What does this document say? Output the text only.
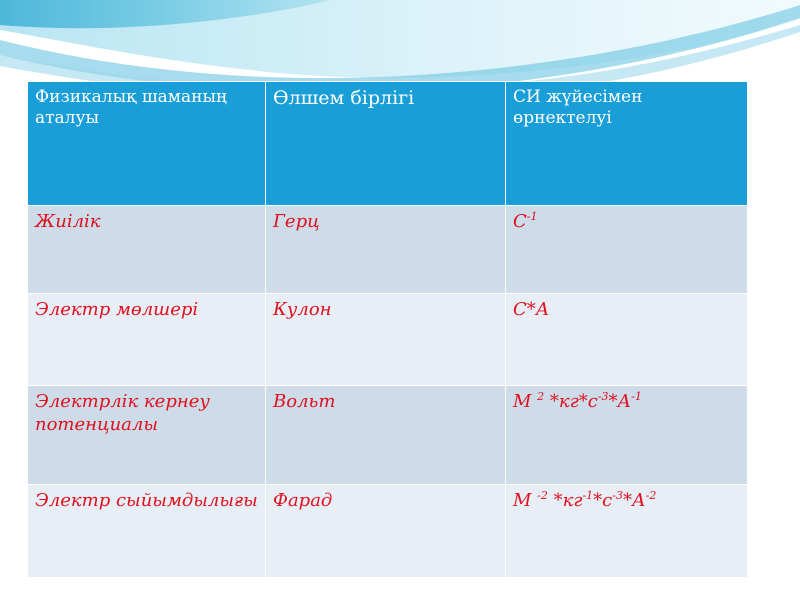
Физикалық шаманың аталуы	Өлшем бірлігі	СИ жүйесімен өрнектелуі
Жиілік	Герц	$С^{-1}$
Электр мөлшері	Кулон	С*А
Электрлік кернеу потенциалы	Вольт	М $^2$ $*кг*с^{-3}*А^{-1}$
Электр сыйымдылығы	Фарад	М $^{-2}$ $*кг^{-1}*с^{-3}*А^{-2}$
